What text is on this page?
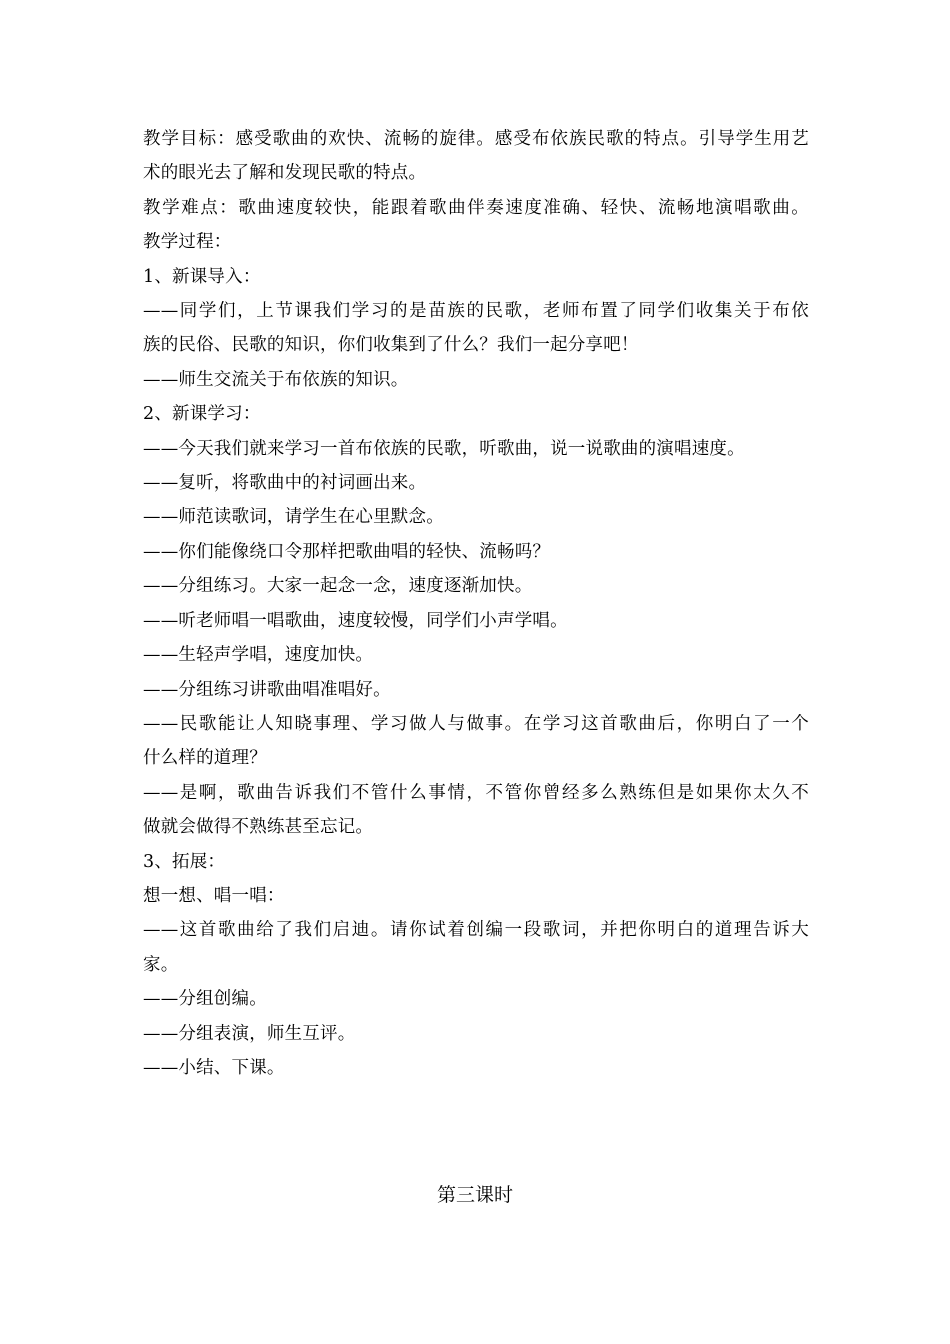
教学目标：感受歌曲的欢快、流畅的旋律。感受布依族民歌的特点。引导学生用艺
术的眼光去了解和发现民歌的特点。
教学难点：歌曲速度较快，能跟着歌曲伴奏速度准确、轻快、流畅地演唱歌曲。
教学过程：
1、新课导入：
——同学们，上节课我们学习的是苗族的民歌，老师布置了同学们收集关于布依
族的民俗、民歌的知识，你们收集到了什么？我们一起分享吧！
——师生交流关于布依族的知识。
2、新课学习：
——今天我们就来学习一首布依族的民歌，听歌曲，说一说歌曲的演唱速度。
——复听，将歌曲中的衬词画出来。
——师范读歌词，请学生在心里默念。
——你们能像绕口令那样把歌曲唱的轻快、流畅吗？
——分组练习。大家一起念一念，速度逐渐加快。
——听老师唱一唱歌曲，速度较慢，同学们小声学唱。
——生轻声学唱，速度加快。
——分组练习讲歌曲唱准唱好。
——民歌能让人知晓事理、学习做人与做事。在学习这首歌曲后，你明白了一个
什么样的道理？
——是啊，歌曲告诉我们不管什么事情，不管你曾经多么熟练但是如果你太久不
做就会做得不熟练甚至忘记。
3、拓展：
想一想、唱一唱：
——这首歌曲给了我们启迪。请你试着创编一段歌词，并把你明白的道理告诉大
家。
——分组创编。
——分组表演，师生互评。
——小结、下课。
第三课时
